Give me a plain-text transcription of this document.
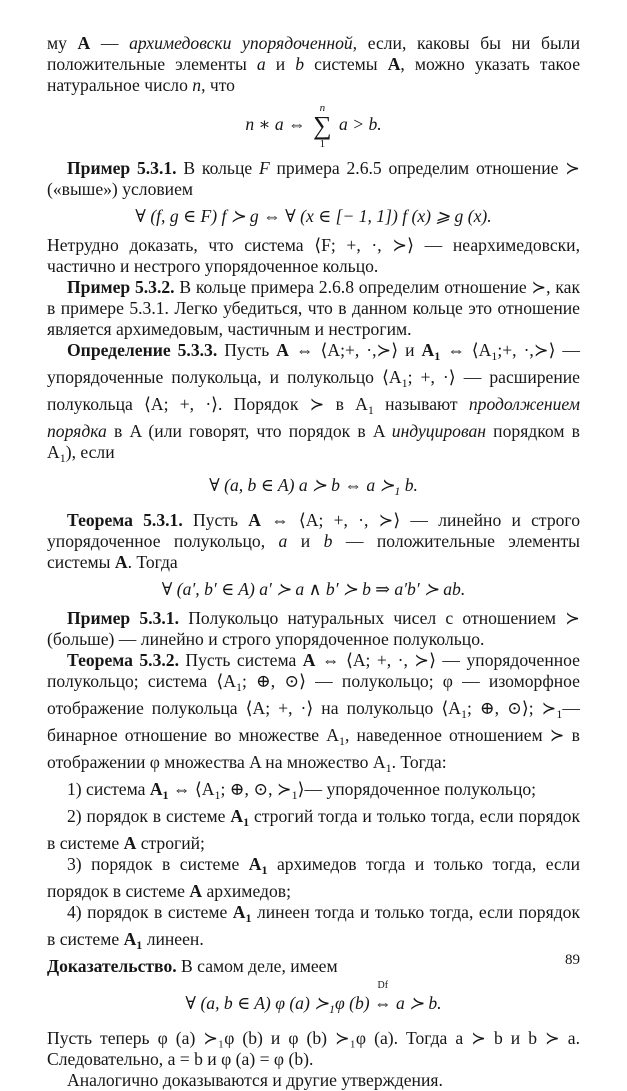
му А — архимедовски упорядоченной, если, каковы бы ни были положительные элементы a и b системы А, можно указать такое натуральное число n, что

n ∗ a ⇔
n
∑
1
a > b.

Пример 5.3.1. В кольце F примера 2.6.5 определим отношение ≻ («выше») условием

∀ (f, g ∈ F) f ≻ g ⇔ ∀ (x ∈ [− 1, 1]) f (x) ⩾ g (x).

Нетрудно доказать, что система ⟨F; +, ·, ≻⟩ — неархимедовски, частично и нестрого упорядоченное кольцо.

Пример 5.3.2. В кольце примера 2.6.8 определим отношение ≻, как в примере 5.3.1. Легко убедиться, что в данном кольце это отношение является архимедовым, частичным и нестрогим.

Определение 5.3.3. Пусть A ⇔ ⟨A;+, ·,≻⟩ и $A_1$ ⇔ $⟨A_1;+$, ·,≻⟩ — упорядоченные полукольца, и полукольцо $⟨A_1$; +, ·⟩ — расширение полукольца ⟨A; +, ·⟩. Порядок ≻ в $A_1$ называют продолжением порядка в A (или говорят, что порядок в A индуцирован порядком в $A_1$), если

∀ (a, b ∈ A) a ≻ b ⇔ a $≻_1$ b.

Теорема 5.3.1. Пусть A ⇔ ⟨A; +, ·, ≻⟩ — линейно и строго упорядоченное полукольцо, a и b — положительные элементы системы A. Тогда

∀ (a′, b′ ∈ A) a′ ≻ a ∧ b′ ≻ b ⇒ a′b′ ≻ ab.

Пример 5.3.1. Полукольцо натуральных чисел с отношением ≻ (больше) — линейно и строго упорядоченное полукольцо.

Теорема 5.3.2. Пусть система A ⇔ ⟨A; +, ·, ≻⟩ — упорядоченное полукольцо; система $⟨A_1$; ⊕, ⊙⟩ — полукольцо; φ — изоморфное отображение полукольца ⟨A; +, ·⟩ на полукольцо $⟨A_1$; ⊕, ⊙⟩; $≻_1—$ бинарное отношение во множестве $A_1$, наведенное отношением ≻ в отображении φ множества A на множество $A_1$. Тогда:

1) система $A_1$ ⇔ $⟨A_1$; ⊕, ⊙, $≻_1⟩—$ упорядоченное полукольцо;

2) порядок в системе $A_1$ строгий тогда и только тогда, если порядок в системе A строгий;

3) порядок в системе $A_1$ архимедов тогда и только тогда, если порядок в системе A архимедов;

4) порядок в системе $A_1$ линеен тогда и только тогда, если порядок в системе $A_1$ линеен.

Доказательство. В самом деле, имеем

∀ (a, b ∈ A) φ (a) $≻_1\varphi$ (b)
Df
⇔ a ≻ b.

Пусть теперь φ (a) ≻₁φ (b) и φ (b) ≻₁φ (a). Тогда a ≻ b и b ≻ a. Следовательно, a = b и φ (a) = φ (b).

Аналогично доказываются и другие утверждения.

89
